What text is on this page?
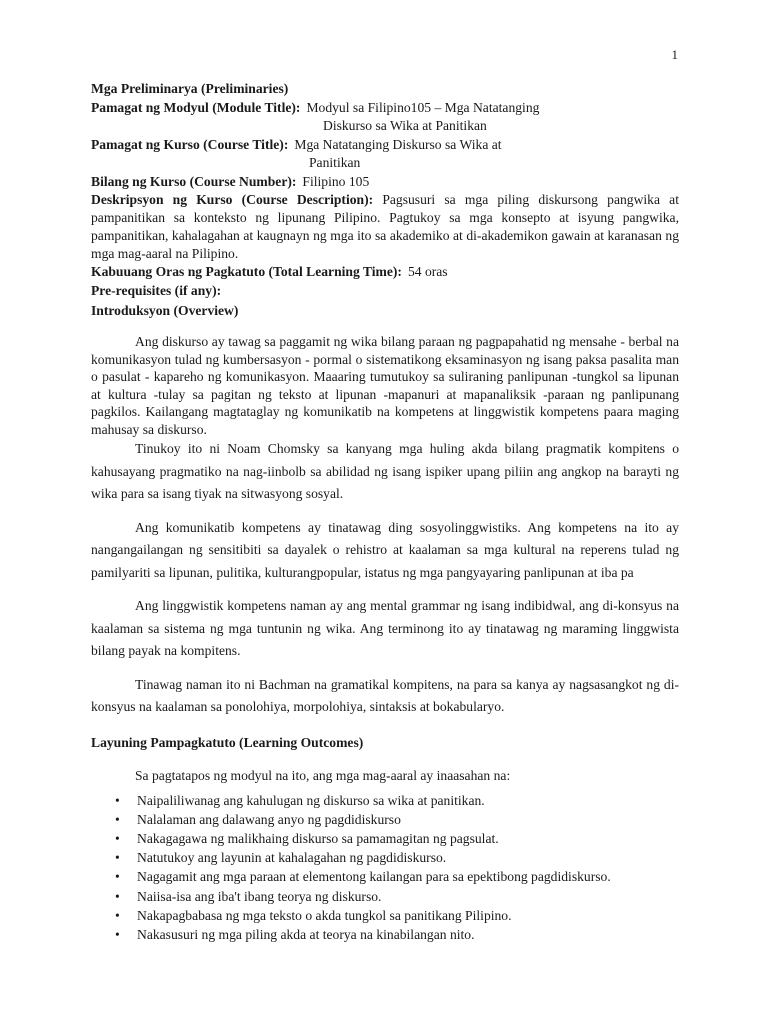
1

Mga Preliminarya (Preliminaries)

Pamagat ng Modyul (Module Title): Modyul sa Filipino105 – Mga Natatanging
Diskurso sa Wika at Panitikan
Pamagat ng Kurso (Course Title): Mga Natatanging Diskurso sa Wika at
Panitikan
Bilang ng Kurso (Course Number): Filipino 105

Deskripsyon ng Kurso (Course Description): Pagsusuri sa mga piling diskursong pangwika at pampanitikan sa konteksto ng lipunang Pilipino. Pagtukoy sa mga konsepto at isyung pangwika, pampanitikan, kahalagahan at kaugnayn ng mga ito sa akademiko at di-akademikon gawain at karanasan ng mga mag-aaral na Pilipino.

Kabuuang Oras ng Pagkatuto (Total Learning Time): 54 oras

Pre-requisites (if any):

Introduksyon (Overview)

Ang diskurso ay tawag sa paggamit ng wika bilang paraan ng pagpapahatid ng mensahe - berbal na komunikasyon tulad ng kumbersasyon - pormal o sistematikong eksaminasyon ng isang paksa pasalita man o pasulat - kapareho ng komunikasyon. Maaaring tumutukoy sa suliraning panlipunan -tungkol sa lipunan at kultura -tulay sa pagitan ng teksto at lipunan -mapanuri at mapanaliksik -paraan ng panlipunang pagkilos. Kailangang magtataglay ng komunikatib na kompetens at linggwistik kompetens paara maging mahusay sa diskurso.

Tinukoy ito ni Noam Chomsky sa kanyang mga huling akda bilang pragmatik kompitens o kahusayang pragmatiko na nag-iinbolb sa abilidad ng isang ispiker upang piliin ang angkop na barayti ng wika para sa isang tiyak na sitwasyong sosyal.

Ang komunikatib kompetens ay tinatawag ding sosyolinggwistiks. Ang kompetens na ito ay nangangailangan ng sensitibiti sa dayalek o rehistro at kaalaman sa mga kultural na reperens tulad ng pamilyariti sa lipunan, pulitika, kulturangpopular, istatus ng mga pangyayaring panlipunan at iba pa

Ang linggwistik kompetens naman ay ang mental grammar ng isang indibidwal, ang di-konsyus na kaalaman sa sistema ng mga tuntunin ng wika. Ang terminong ito ay tinatawag ng maraming linggwista bilang payak na kompitens.

Tinawag naman ito ni Bachman na gramatikal kompitens, na para sa kanya ay nagsasangkot ng di-konsyus na kaalaman sa ponolohiya, morpolohiya, sintaksis at bokabularyo.

Layuning Pampagkatuto (Learning Outcomes)

Sa pagtatapos ng modyul na ito, ang mga mag-aaral ay inaasahan na:

• Naipaliliwanag ang kahulugan ng diskurso sa wika at panitikan.
• Nalalaman ang dalawang anyo ng pagdidiskurso
• Nakagagawa ng malikhaing diskurso sa pamamagitan ng pagsulat.
• Natutukoy ang layunin at kahalagahan ng pagdidiskurso.
• Nagagamit ang mga paraan at elementong kailangan para sa epektibong pagdidiskurso.
• Naiisa-isa ang iba't ibang teorya ng diskurso.
• Nakapagbabasa ng mga teksto o akda tungkol sa panitikang Pilipino.
• Nakasusuri ng mga piling akda at teorya na kinabilangan nito.
